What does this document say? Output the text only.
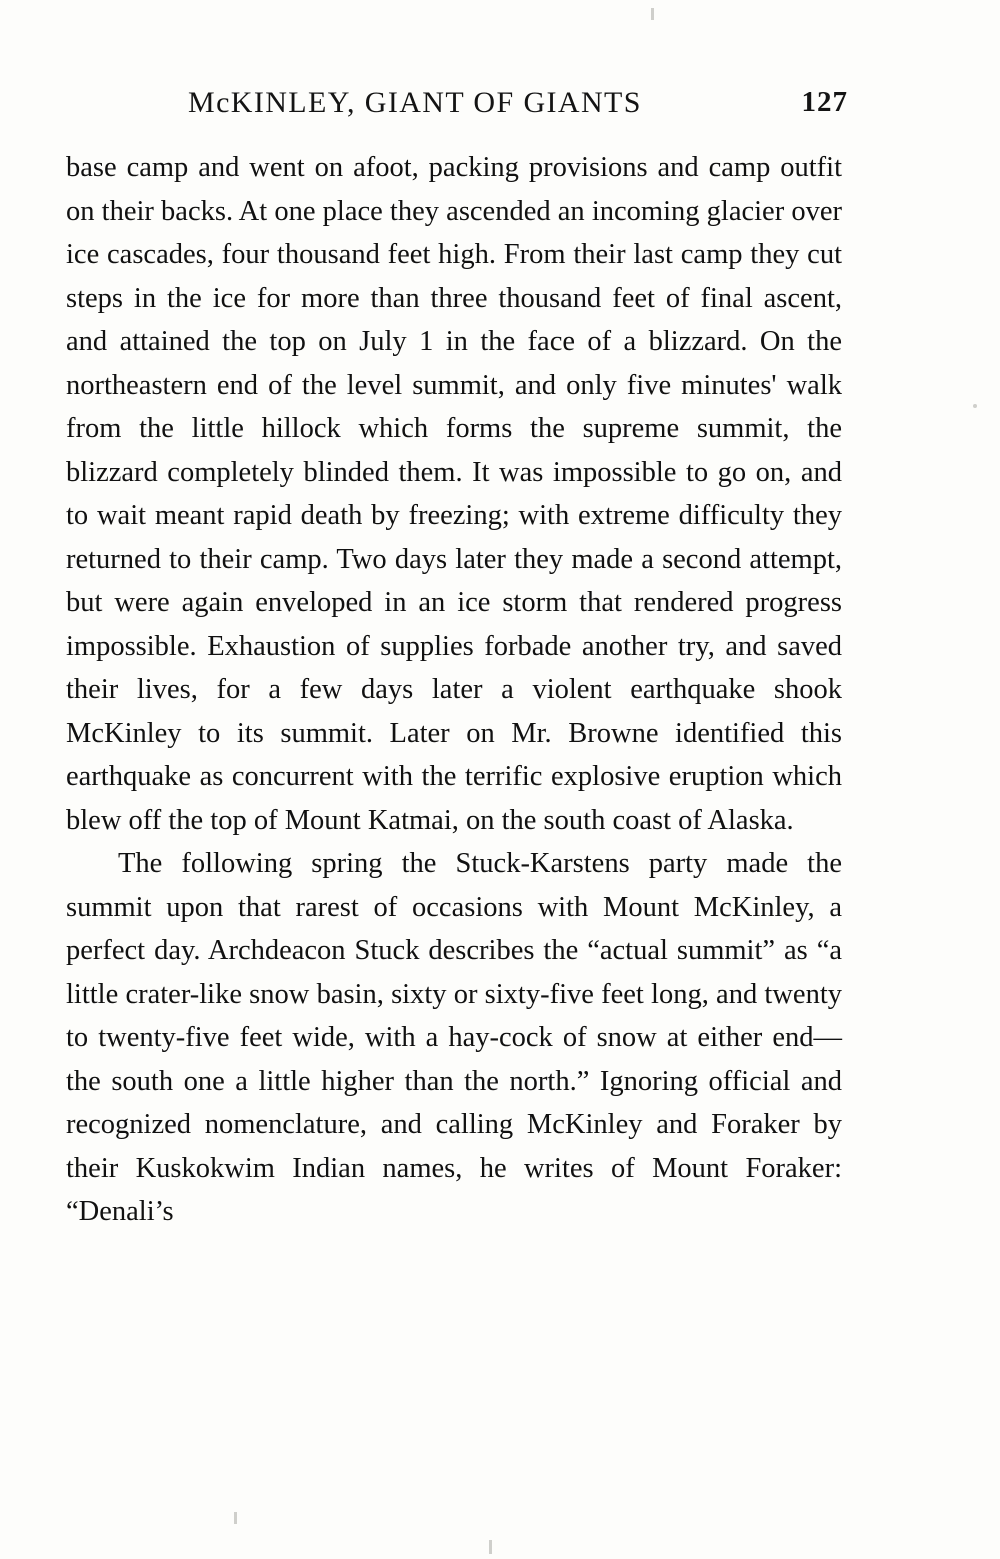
McKINLEY, GIANT OF GIANTS	127

base camp and went on afoot, packing provisions and camp outfit on their backs. At one place they ascended an incoming glacier over ice cascades, four thousand feet high. From their last camp they cut steps in the ice for more than three thousand feet of final ascent, and attained the top on July 1 in the face of a blizzard. On the northeastern end of the level summit, and only five minutes' walk from the little hillock which forms the supreme summit, the blizzard completely blinded them. It was impossible to go on, and to wait meant rapid death by freezing; with extreme difficulty they returned to their camp. Two days later they made a second attempt, but were again enveloped in an ice storm that rendered progress impossible. Exhaustion of supplies forbade another try, and saved their lives, for a few days later a violent earthquake shook McKinley to its summit. Later on Mr. Browne identified this earthquake as concurrent with the terrific explosive eruption which blew off the top of Mount Katmai, on the south coast of Alaska.

The following spring the Stuck-Karstens party made the summit upon that rarest of occasions with Mount McKinley, a perfect day. Archdeacon Stuck describes the “actual summit” as “a little crater-like snow basin, sixty or sixty-five feet long, and twenty to twenty-five feet wide, with a hay-cock of snow at either end—the south one a little higher than the north.” Ignoring official and recognized nomenclature, and calling McKinley and Foraker by their Kuskokwim Indian names, he writes of Mount Foraker: “Denali’s
